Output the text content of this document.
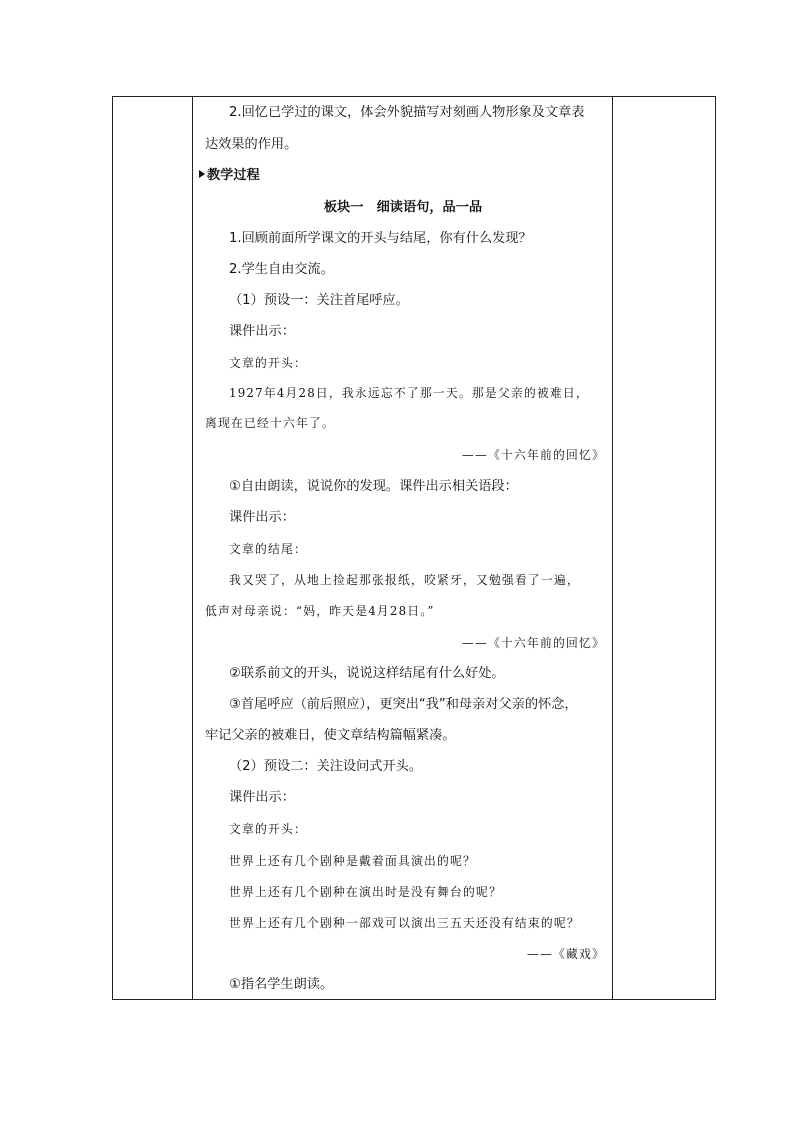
2.回忆已学过的课文，体会外貌描写对刻画人物形象及文章表
达效果的作用。
教学过程
板块一　细读语句，品一品
1.回顾前面所学课文的开头与结尾，你有什么发现？
2.学生自由交流。
（1）预设一：关注首尾呼应。
课件出示：
文章的开头：
1927年4月28日，我永远忘不了那一天。那是父亲的被难日，
离现在已经十六年了。
——《十六年前的回忆》
①自由朗读，说说你的发现。课件出示相关语段：
课件出示：
文章的结尾：
我又哭了，从地上捡起那张报纸，咬紧牙，又勉强看了一遍，
低声对母亲说：“妈，昨天是4月28日。”
——《十六年前的回忆》
②联系前文的开头，说说这样结尾有什么好处。
③首尾呼应（前后照应），更突出“我”和母亲对父亲的怀念，
牢记父亲的被难日，使文章结构篇幅紧凑。
（2）预设二：关注设问式开头。
课件出示：
文章的开头：
世界上还有几个剧种是戴着面具演出的呢？
世界上还有几个剧种在演出时是没有舞台的呢？
世界上还有几个剧种一部戏可以演出三五天还没有结束的呢？
——《藏戏》
①指名学生朗读。
